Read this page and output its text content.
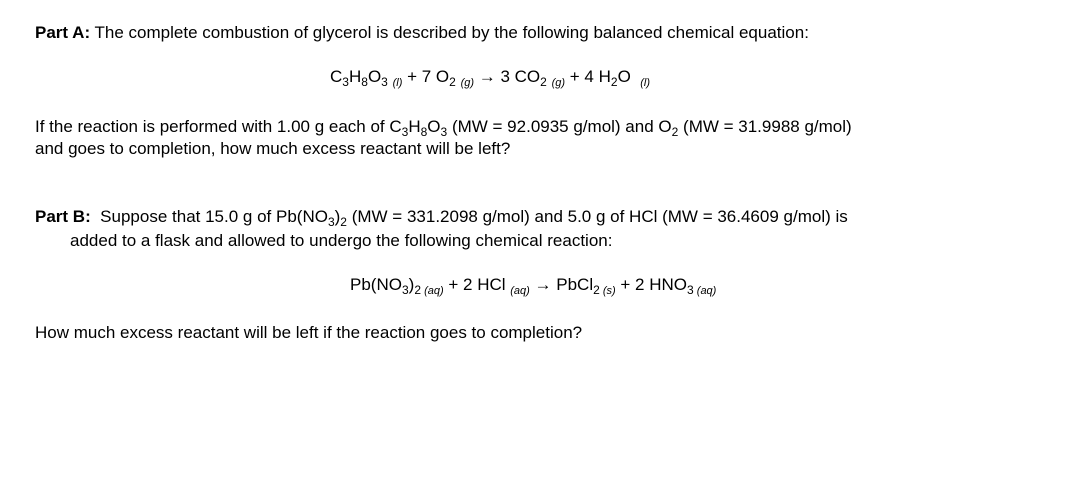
Part A: The complete combustion of glycerol is described by the following balanced chemical equation:
$C_3H_8O_3$ $_{(l)}$ + 7 $O_2$ $_{(g)}$ → 3 $CO_2$ $_{(g)}$ + 4 $H_2O$  $_{(l)}$
If the reaction is performed with 1.00 g each of $C_3H_8O_3$ (MW = 92.0935 g/mol) and $O_2$ (MW = 31.9988 g/mol)
and goes to completion, how much excess reactant will be left?
Part B:  Suppose that 15.0 g of $Pb(NO_3)_2$ (MW = 331.2098 g/mol) and 5.0 g of HCl (MW = 36.4609 g/mol) is
added to a flask and allowed to undergo the following chemical reaction:
$Pb(NO_3)_2$ $_{(aq)}$ + 2 HCl $_{(aq)}$ → PbCl$_2$ $_{(s)}$ + 2 $HNO_3$ $_{(aq)}$
How much excess reactant will be left if the reaction goes to completion?
